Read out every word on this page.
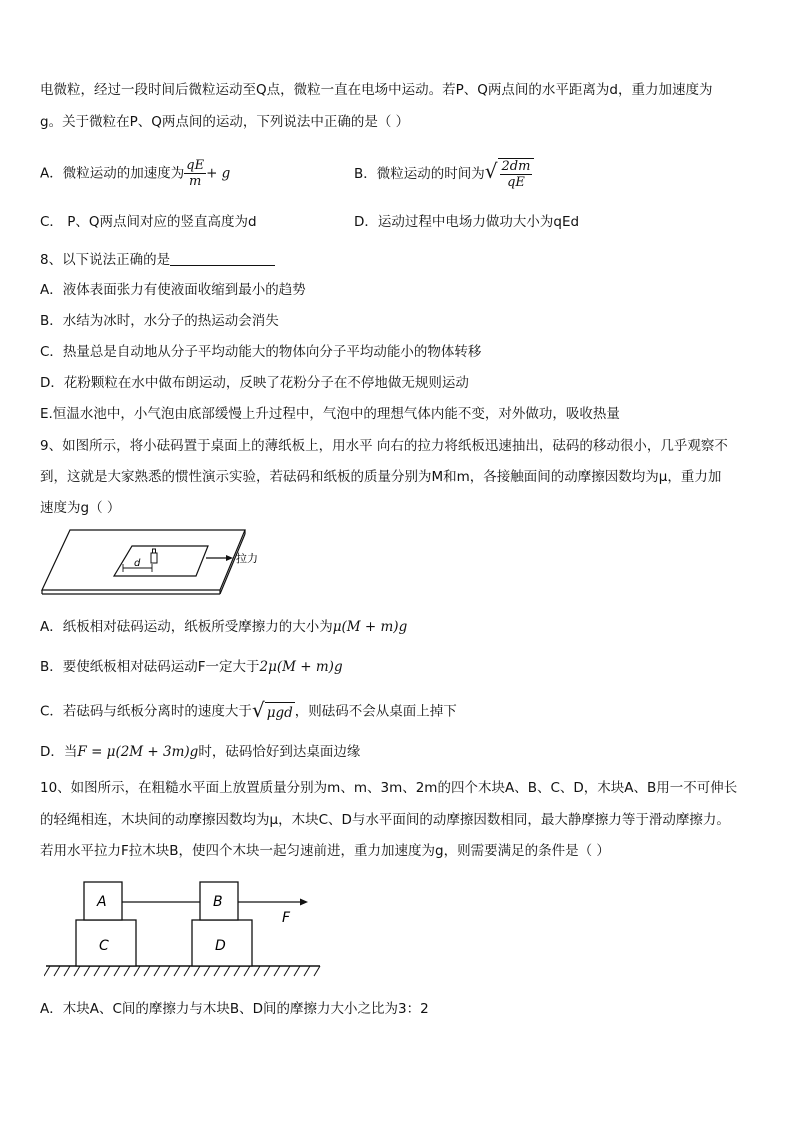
电微粒，经过一段时间后微粒运动至Q点，微粒一直在电场中运动。若P、Q两点间的水平距离为d，重力加速度为
g。关于微粒在P、Q两点间的运动，下列说法中正确的是（ ）
A．微粒运动的加速度为 $\frac{qE}{m} + g$	B．微粒运动的时间为√ $\frac{2dm}{qE}$
C． P、Q两点间对应的竖直高度为d	D．运动过程中电场力做功大小为qEd
8、以下说法正确的是
A．液体表面张力有使液面收缩到最小的趋势
B．水结为冰时，水分子的热运动会消失
C．热量总是自动地从分子平均动能大的物体向分子平均动能小的物体转移
D．花粉颗粒在水中做布朗运动，反映了花粉分子在不停地做无规则运动
E.恒温水池中，小气泡由底部缓慢上升过程中，气泡中的理想气体内能不变，对外做功，吸收热量
9、如图所示，将小砝码置于桌面上的薄纸板上，用水平 向右的拉力将纸板迅速抽出，砝码的移动很小，几乎观察不
到，这就是大家熟悉的惯性演示实验，若砝码和纸板的质量分别为M和m，各接触面间的动摩擦因数均为μ，重力加
速度为g（ ）
d	拉力
A．纸板相对砝码运动，纸板所受摩擦力的大小为μ(M + m)g
B．要使纸板相对砝码运动F一定大于2μ(M + m)g
C．若砝码与纸板分离时的速度大于√ μgd ，则砝码不会从桌面上掉下
D．当F = μ(2M + 3m)g时，砝码恰好到达桌面边缘
10、如图所示，在粗糙水平面上放置质量分别为m、m、3m、2m的四个木块A、B、C、D，木块A、B用一不可伸长
的轻绳相连，木块间的动摩擦因数均为μ，木块C、D与水平面间的动摩擦因数相同，最大静摩擦力等于滑动摩擦力。
若用水平拉力F拉木块B，使四个木块一起匀速前进，重力加速度为g，则需要满足的条件是（ ）
A
C
B
D
F
A．木块A、C间的摩擦力与木块B、D间的摩擦力大小之比为3：2
